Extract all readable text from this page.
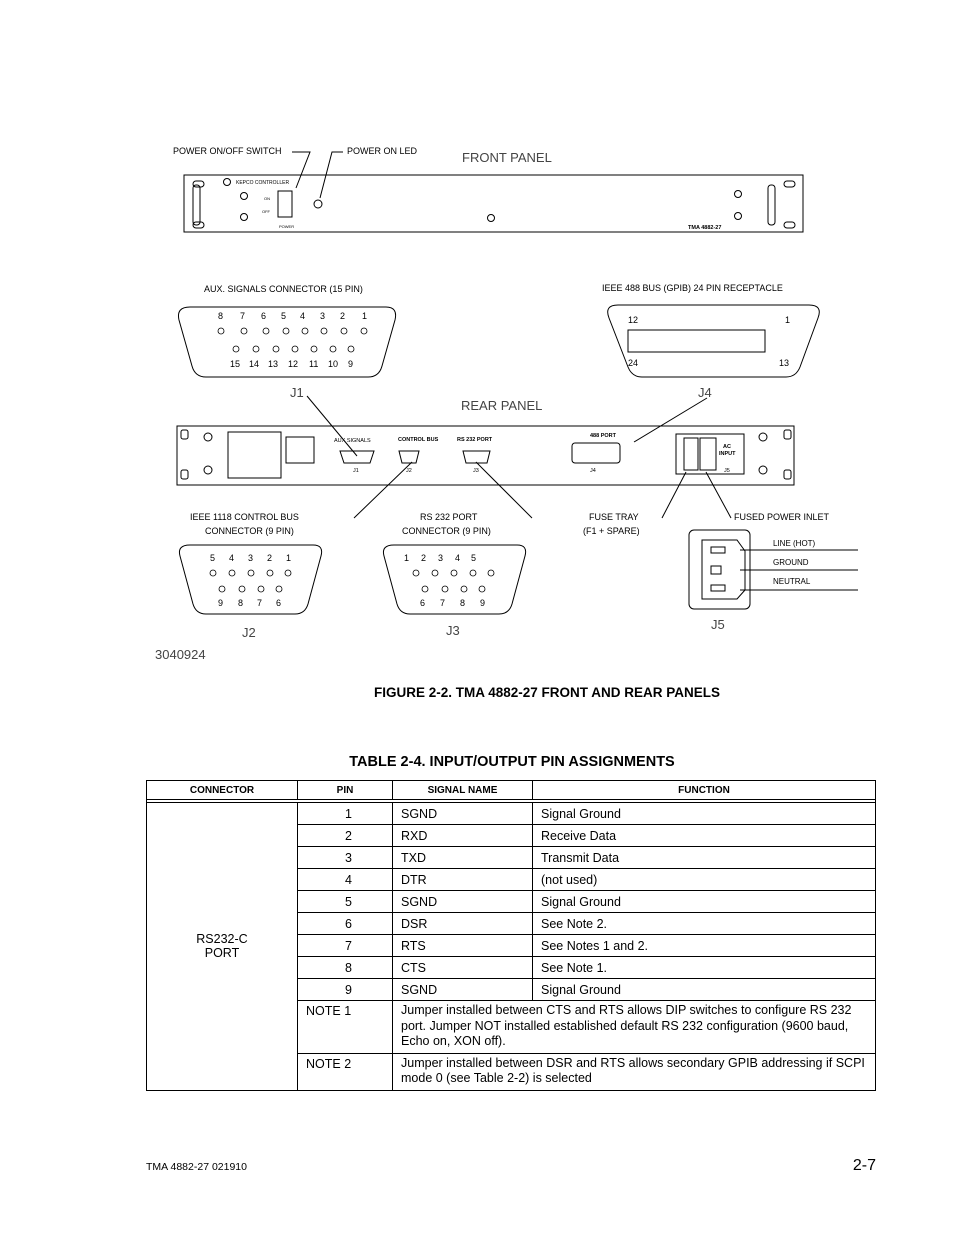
FRONT PANEL
REAR PANEL
POWER ON/OFF SWITCH	POWER ON LED
KEPCO CONTROLLER
ON
OFF
POWER	TMA 4882-27
AUX. SIGNALS CONNECTOR (15 PIN)	IEEE 488 BUS (GPIB) 24 PIN RECEPTACLE
8 7 6 5 4 3 2 1
15 14 13 12 11 10 9
12	1
24	13
J1	J4
AUX SIGNALS	CONTROL BUS	RS 232 PORT
488 PORT
AC
INPUT
J1	J2	J3	J4	J5
IEEE 1118 CONTROL BUS
CONNECTOR (9 PIN)
RS 232 PORT
CONNECTOR (9 PIN)
FUSE TRAY
(F1 + SPARE)
FUSED POWER INLET
5 4 3 2 1
9 8 7 6
1 2 3 4 5
6 7 8 9
LINE (HOT)
GROUND
NEUTRAL
J2	J3	J5
3040924
FIGURE 2-2. TMA 4882-27 FRONT AND REAR PANELS
TABLE 2-4. INPUT/OUTPUT PIN ASSIGNMENTS
CONNECTOR	PIN	SIGNAL NAME	FUNCTION

RS232-C
PORT	1	SGND	Signal Ground
	2	RXD	Receive Data
	3	TXD	Transmit Data
	4	DTR	(not used)
	5	SGND	Signal Ground
	6	DSR	See Note 2.
	7	RTS	See Notes 1 and 2.
	8	CTS	See Note 1.
	9	SGND	Signal Ground
	NOTE 1	Jumper installed between CTS and RTS allows DIP switches to configure RS 232 port. Jumper NOT installed established default RS 232 configuration (9600 baud, Echo on, XON off).	
	NOTE 2	Jumper installed between DSR and RTS allows secondary GPIB addressing if SCPI mode 0 (see Table 2-2) is selected	
TMA 4882-27 021910	2-7
